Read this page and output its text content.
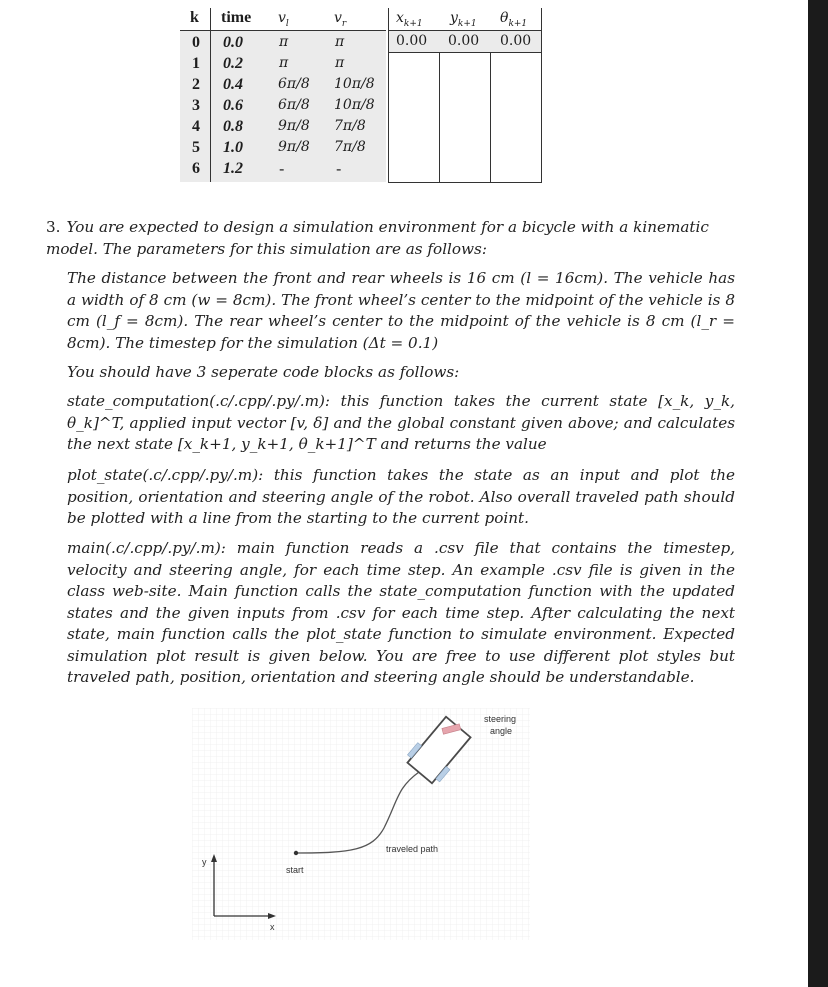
k time $v_l$	$v_r$	$x_{k+1}$ $y_{k+1}$ $\theta_{k+1}$
0 0.0	π	π	0.00 0.00 0.00
1 0.2	π	π
2 0.4	6π/8 10π/8
3 0.6	6π/8 10π/8
4 0.8	9π/8 7π/8
5 1.0	9π/8 7π/8
6 1.2 -	-
3. You are expected to design a simulation environment for a bicycle with a kinematic model. The parameters for this simulation are as follows:
The distance between the front and rear wheels is 16 cm (l = 16cm). The vehicle has a width of 8 cm (w = 8cm). The front wheel’s center to the midpoint of the vehicle is 8 cm (l_f = 8cm). The rear wheel’s center to the midpoint of the vehicle is 8 cm (l_r = 8cm). The timestep for the simulation (Δt = 0.1)
You should have 3 seperate code blocks as follows:
state_computation(.c/.cpp/.py/.m): this function takes the current state [x_k, y_k, θ_k]^T, applied input vector [v, δ] and the global constant given above; and calculates the next state [x_k+1, y_k+1, θ_k+1]^T and returns the value
plot_state(.c/.cpp/.py/.m): this function takes the state as an input and plot the position, orientation and steering angle of the robot. Also overall traveled path should be plotted with a line from the starting to the current point.
main(.c/.cpp/.py/.m): main function reads a .csv file that contains the timestep, velocity and steering angle, for each time step. An example .csv file is given in the class web-site. Main function calls the state_computation function with the updated states and the given inputs from .csv for each time step. After calculating the next state, main function calls the plot_state function to simulate environment. Expected simulation plot result is given below. You are free to use different plot styles but traveled path, position, orientation and steering angle should be understandable.
y
x
start
traveled path
steering
angle
